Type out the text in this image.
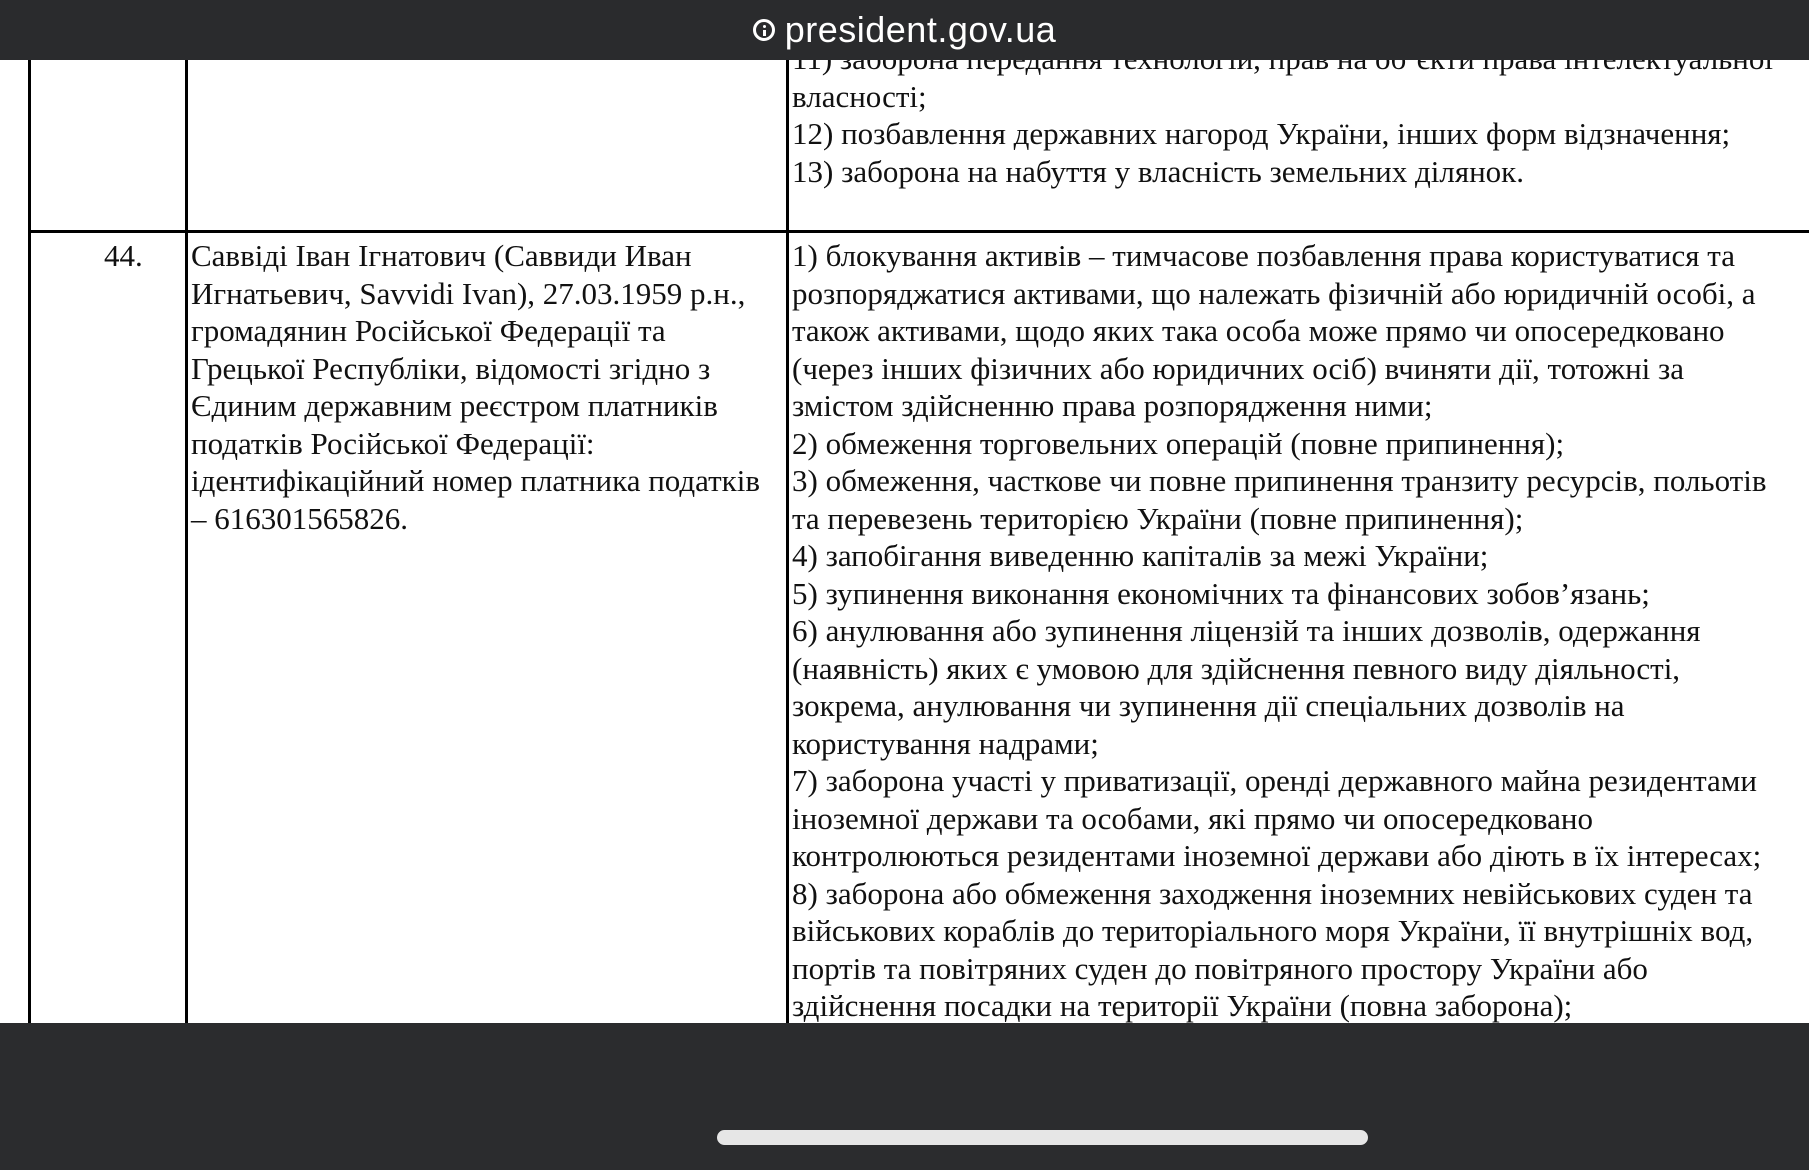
власності;
12) позбавлення державних нагород України, інших форм відзначення;
13) заборона на набуття у власність земельних ділянок.
44. Саввіді Іван Ігнатович (Саввиди Иван
Игнатьевич, Savvidi Ivan), 27.03.1959 р.н.,
громадянин Російської Федерації та
Грецької Республіки, відомості згідно з
Єдиним державним реєстром платників
податків Російської Федерації:
ідентифікаційний номер платника податків
– 616301565826.
1) блокування активів – тимчасове позбавлення права користуватися та
розпоряджатися активами, що належать фізичній або юридичній особі, а
також активами, щодо яких така особа може прямо чи опосередковано
(через інших фізичних або юридичних осіб) вчиняти дії, тотожні за
змістом здійсненню права розпорядження ними;
2) обмеження торговельних операцій (повне припинення);
3) обмеження, часткове чи повне припинення транзиту ресурсів, польотів
та перевезень територією України (повне припинення);
4) запобігання виведенню капіталів за межі України;
5) зупинення виконання економічних та фінансових зобов’язань;
6) анулювання або зупинення ліцензій та інших дозволів, одержання
(наявність) яких є умовою для здійснення певного виду діяльності,
зокрема, анулювання чи зупинення дії спеціальних дозволів на
користування надрами;
7) заборона участі у приватизації, оренді державного майна резидентами
іноземної держави та особами, які прямо чи опосередковано
контролюються резидентами іноземної держави або діють в їх інтересах;
8) заборона або обмеження заходження іноземних невійськових суден та
військових кораблів до територіального моря України, її внутрішніх вод,
портів та повітряних суден до повітряного простору України або
здійснення посадки на території України (повна заборона);
president.gov.ua
